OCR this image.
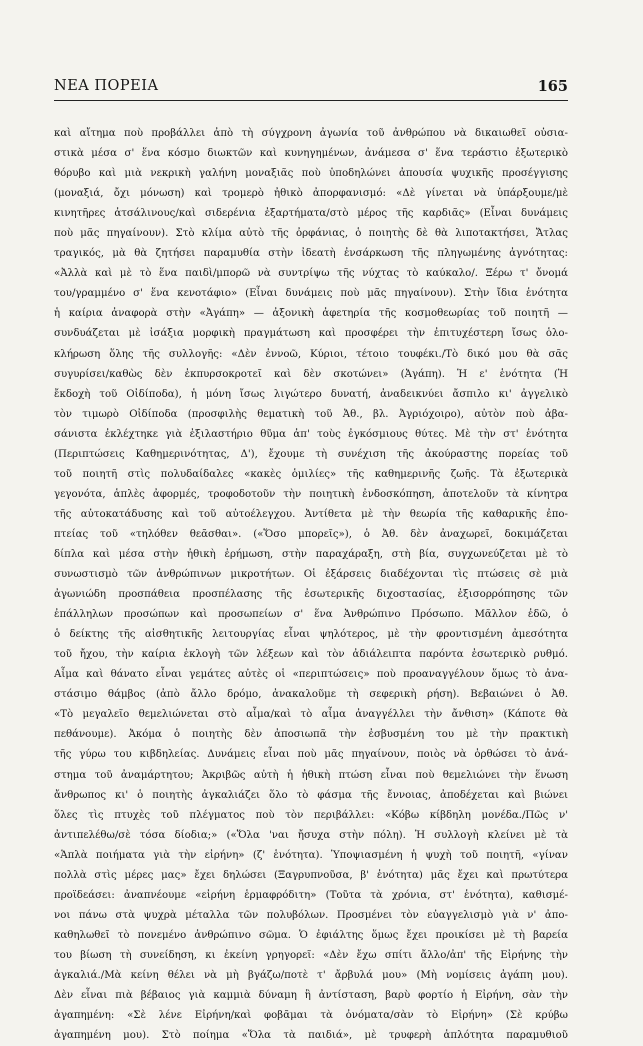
ΝΕΑ ΠΟΡΕΙΑ	165
καὶ αἴτημα ποὺ προβάλλει ἀπὸ τὴ σύγχρονη ἀγωνία τοῦ ἀνθρώπου νὰ δικαιωθεῖ οὐσια-
στικὰ μέσα σ' ἕνα κόσμο διωκτῶν καὶ κυνηγημένων, ἀνάμεσα σ' ἕνα τεράστιο ἐξωτερικὸ
θόρυβο καὶ μιὰ νεκρικὴ γαλήνη μοναξιᾶς ποὺ ὑποδηλώνει ἀπουσία ψυχικῆς προσέγγισης
(μοναξιά, ὄχι μόνωση) καὶ τρομερὸ ἠθικὸ ἀπορφανισμό: «Δὲ γίνεται νὰ ὑπάρξουμε/μὲ
κινητῆρες ἀτσάλινους/καὶ σιδερένια ἐξαρτήματα/στὸ μέρος τῆς καρδιᾶς» (Εἶναι δυνάμεις
ποὺ μᾶς πηγαίνουν). Στὸ κλίμα αὐτὸ τῆς ὀρφάνιας, ὁ ποιητὴς δὲ θὰ λιποτακτήσει, Ἄτλας
τραγικός, μὰ θὰ ζητήσει παραμυθία στὴν ἰδεατὴ ἐνσάρκωση τῆς πληγωμένης ἀγνότητας:
«Ἀλλὰ καὶ μὲ τὸ ἕνα παιδὶ/μπορῶ νὰ συντρίψω τῆς νύχτας τὸ καύκαλο/. Ξέρω τ' ὄνομά
του/γραμμένο σ' ἕνα κενοτάφιο» (Εἶναι δυνάμεις ποὺ μᾶς πηγαίνουν). Στὴν ἴδια ἑνότητα
ἡ καίρια ἀναφορὰ στὴν «Ἀγάπη» — ἀξονικὴ ἀφετηρία τῆς κοσμοθεωρίας τοῦ ποιητῆ —
συνδυάζεται μὲ ἰσάξια μορφικὴ πραγμάτωση καὶ προσφέρει τὴν ἐπιτυχέστερη ἴσως ὁλο-
κλήρωση ὅλης τῆς συλλογῆς: «Δὲν ἐννοῶ, Κύριοι, τέτοιο τουφέκι./Τὸ δικό μου θὰ σᾶς
συγυρίσει/καθὼς δὲν ἐκπυρσοκροτεῖ καὶ δὲν σκοτώνει» (Ἀγάπη). Ἡ ε' ἑνότητα (Ἡ
ἔκδοχὴ τοῦ Οἰδίποδα), ἡ μόνη ἴσως λιγώτερο δυνατή, ἀναδεικνύει ἄσπιλο κι' ἀγγελικὸ
τὸν τιμωρὸ Οἰδίποδα (προσφιλὴς θεματικὴ τοῦ Ἀθ., βλ. Ἀγριόχοιρο), αὐτὸν ποὺ ἀβα-
σάνιστα ἐκλέχτηκε γιὰ ἐξιλαστήριο θῦμα ἀπ' τοὺς ἐγκόσμιους θύτες. Μὲ τὴν στ' ἑνότητα
(Περιπτώσεις Καθημερινότητας, Δ'), ἔχουμε τὴ συνέχιση τῆς ἀκούραστης πορείας τοῦ
τοῦ ποιητῆ στὶς πολυδαίδαλες «κακὲς ὁμιλίες» τῆς καθημερινῆς ζωῆς. Τὰ ἐξωτερικὰ
γεγονότα, ἁπλὲς ἀφορμές, τροφοδοτοῦν τὴν ποιητικὴ ἐνδοσκόπηση, ἀποτελοῦν τὰ κίνητρα
τῆς αὐτοκατάδυσης καὶ τοῦ αὐτοέλεγχου. Ἀντίθετα μὲ τὴν θεωρία τῆς καθαρικῆς ἐπο-
πτείας τοῦ «τηλόθεν θεᾶσθαι». («Ὅσο μπορεῖς»), ὁ Ἀθ. δὲν ἀναχωρεῖ, δοκιμάζεται
δίπλα καὶ μέσα στὴν ἠθικὴ ἐρήμωση, στὴν παραχάραξη, στὴ βία, συγχωνεύζεται μὲ τὸ
συνωστισμὸ τῶν ἀνθρώπινων μικροτήτων. Οἱ ἐξάρσεις διαδέχονται τὶς πτώσεις σὲ μιὰ
ἀγωνιώδη προσπάθεια προσπέλασης τῆς ἐσωτερικῆς διχοστασίας, ἐξισορρόπησης τῶν
ἐπάλληλων προσώπων καὶ προσωπείων σ' ἕνα Ἀνθρώπινο Πρόσωπο. Μᾶλλον ἐδῶ, ὁ
ὁ δείκτης τῆς αἰσθητικῆς λειτουργίας εἶναι ψηλότερος, μὲ τὴν φροντισμένη ἀμεσότητα
τοῦ ἤχου, τὴν καίρια ἐκλογὴ τῶν λέξεων καὶ τὸν ἀδιάλειπτα παρόντα ἐσωτερικὸ ρυθμό.
Αἷμα καὶ θάνατο εἶναι γεμάτες αὐτὲς οἱ «περιπτώσεις» ποὺ προαναγγέλουν ὅμως τὸ ἀνα-
στάσιμο θάμβος (ἀπὸ ἄλλο δρόμο, ἀνακαλοῦμε τὴ σεφερικὴ ρήση). Βεβαιώνει ὁ Ἀθ.
«Τὸ μεγαλεῖο θεμελιώνεται στὸ αἷμα/καὶ τὸ αἷμα ἀναγγέλλει τὴν ἄνθιση» (Κάποτε θὰ
πεθάνουμε). Ἀκόμα ὁ ποιητὴς δὲν ἀποσιωπᾶ τὴν ἐσβυσμένη του μὲ τὴν πρακτικὴ
τῆς γύρω του κιβδηλείας. Δυνάμεις εἶναι ποὺ μᾶς πηγαίνουν, ποιὸς νὰ ὀρθώσει τὸ ἀνά-
στημα τοῦ ἀναμάρτητου; Ἀκριβῶς αὐτὴ ἡ ἠθικὴ πτώση εἶναι ποὺ θεμελιώνει τὴν ἕνωση
ἄνθρωπος κι' ὁ ποιητὴς ἀγκαλιάζει ὅλο τὸ φάσμα τῆς ἔννοιας, ἀποδέχεται καὶ βιώνει
ὅλες τὶς πτυχὲς τοῦ πλέγματος ποὺ τὸν περιβάλλει: «Κόβω κίβδηλη μονέδα./Πῶς ν'
ἀντιπελέθω/σὲ τόσα δίοδια;» («Ὅλα 'ναι ἤσυχα στὴν πόλη). Ἡ συλλογὴ κλείνει μὲ τὰ
«Ἁπλὰ ποιήματα γιὰ τὴν εἰρήνη» (ζ' ἑνότητα). Ὑποψιασμένη ἡ ψυχὴ τοῦ ποιητῆ, «γίναν
πολλὰ στὶς μέρες μας» ἔχει δηλώσει (Ξαγρυπνοῦσα, β' ἑνότητα) μᾶς ἔχει καὶ πρωτύτερα
προϊδεάσει: ἀναπνέουμε «εἰρήνη ἑρμαφρόδιτη» (Τοῦτα τὰ χρόνια, στ' ἑνότητα), καθισμέ-
νοι πάνω στὰ ψυχρὰ μέταλλα τῶν πολυβόλων. Προσμένει τὸν εὐαγγελισμὸ γιὰ ν' ἀπο-
καθηλωθεῖ τὸ πονεμένο ἀνθρώπινο σῶμα. Ὁ ἐφιάλτης ὅμως ἔχει προικίσει μὲ τὴ βαρεία
του βίωση τὴ συνείδηση, κι ἐκείνη γρηγορεῖ: «Δὲν ἔχω σπίτι ἄλλο/ἀπ' τῆς Εἰρήνης τὴν
ἀγκαλιά./Μὰ κείνη θέλει νὰ μὴ βγάζω/ποτὲ τ' ἄρβυλά μου» (Μὴ νομίσεις ἀγάπη μου).
Δὲν εἶναι πιὰ βέβαιος γιὰ καμμιὰ δύναμη ἢ ἀντίσταση, βαρὺ φορτίο ἡ Εἰρήνη, σὰν τὴν
ἀγαπημένη: «Σὲ λένε Εἰρήνη/καὶ φοβᾶμαι τὰ ὀνόματα/σὰν τὸ Εἰρήνη» (Σὲ κρύβω
ἀγαπημένη μου). Στὸ ποίημα «Ὅλα τὰ παιδιά», μὲ τρυφερὴ ἁπλότητα παραμυθιοῦ
